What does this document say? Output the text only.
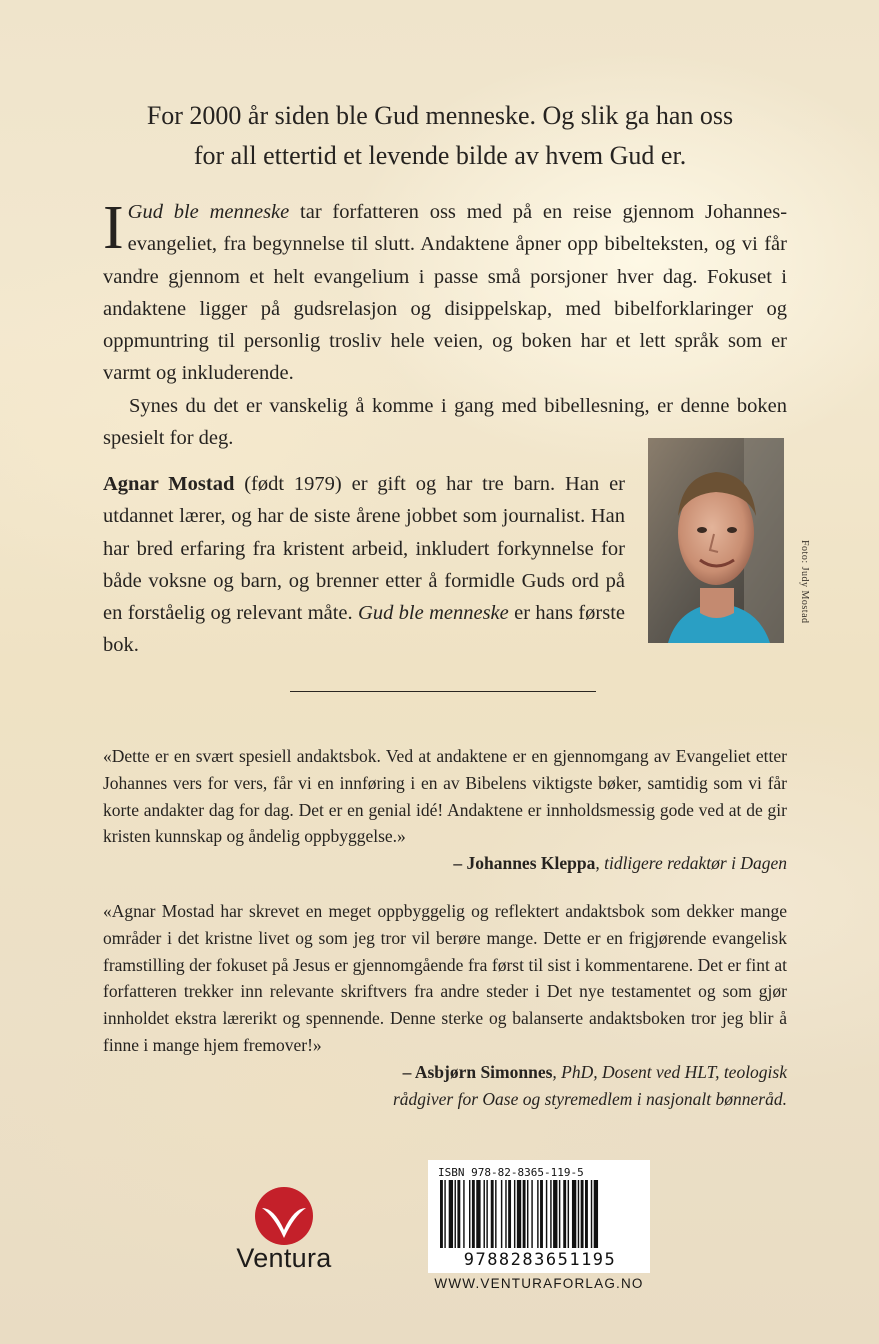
For 2000 år siden ble Gud menneske. Og slik ga han oss
for all ettertid et levende bilde av hvem Gud er.
I Gud ble menneske tar forfatteren oss med på en reise gjennom Johannesevangeliet, fra begynnelse til slutt. Andaktene åpner opp bibelteksten, og vi får vandre gjennom et helt evangelium i passe små porsjoner hver dag. Fokuset i andaktene ligger på gudsrelasjon og disippelskap, med bibelforklaringer og oppmuntring til personlig trosliv hele veien, og boken har et lett språk som er varmt og inkluderende.
Synes du det er vanskelig å komme i gang med bibellesning, er denne boken spesielt for deg.
Agnar Mostad (født 1979) er gift og har tre barn. Han er utdannet lærer, og har de siste årene jobbet som journalist. Han har bred erfaring fra kristent arbeid, inkludert forkynnelse for både voksne og barn, og brenner etter å formidle Guds ord på en forståelig og relevant måte. Gud ble menneske er hans første bok.
Foto: Judy Mostad
«Dette er en svært spesiell andaktsbok. Ved at andaktene er en gjennomgang av Evangeliet etter Johannes vers for vers, får vi en innføring i en av Bibelens viktigste bøker, samtidig som vi får korte andakter dag for dag. Det er en genial idé! Andaktene er innholdsmessig gode ved at de gir kristen kunnskap og åndelig oppbyggelse.»
– Johannes Kleppa, tidligere redaktør i Dagen
«Agnar Mostad har skrevet en meget oppbyggelig og reflektert andaktsbok som dekker mange områder i det kristne livet og som jeg tror vil berøre mange. Dette er en frigjørende evangelisk framstilling der fokuset på Jesus er gjennomgående fra først til sist i kommentarene. Det er fint at forfatteren trekker inn relevante skriftvers fra andre steder i Det nye testamentet og som gjør innholdet ekstra lærerikt og spennende. Denne sterke og balanserte andaktsboken tror jeg blir å finne i mange hjem fremover!»
– Asbjørn Simonnes, PhD, Dosent ved HLT, teologisk
rådgiver for Oase og styremedlem i nasjonalt bønneråd.
Ventura
ISBN 978-82-8365-119-5
9788283651195
WWW.VENTURAFORLAG.NO
